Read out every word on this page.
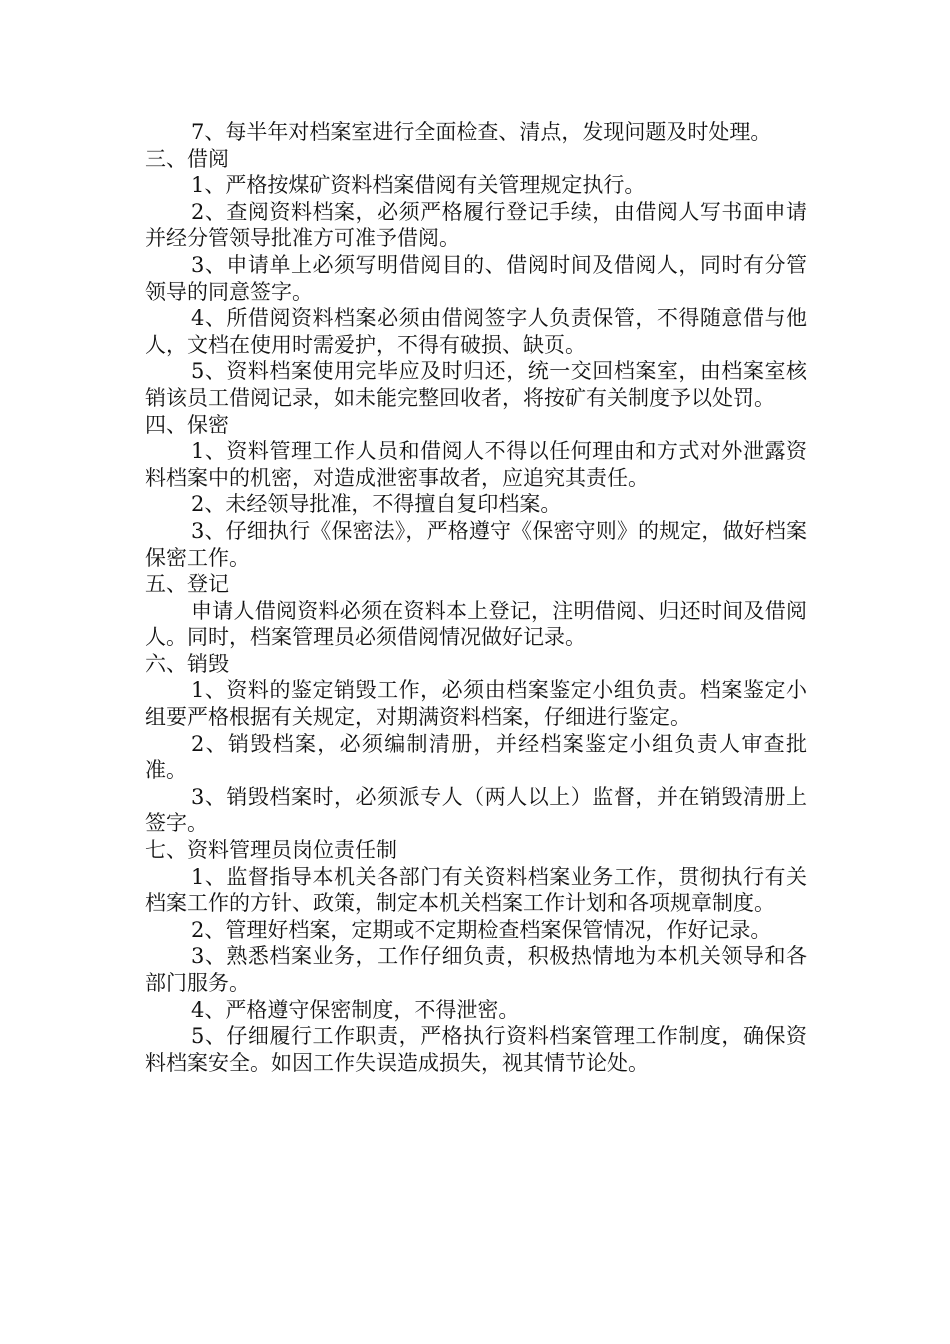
7、每半年对档案室进行全面检查、清点，发现问题及时处理。

三、借阅

1、严格按煤矿资料档案借阅有关管理规定执行。

2、查阅资料档案，必须严格履行登记手续，由借阅人写书面申请并经分管领导批准方可准予借阅。

3、申请单上必须写明借阅目的、借阅时间及借阅人，同时有分管领导的同意签字。

4、所借阅资料档案必须由借阅签字人负责保管，不得随意借与他人，文档在使用时需爱护，不得有破损、缺页。

5、资料档案使用完毕应及时归还，统一交回档案室，由档案室核销该员工借阅记录，如未能完整回收者，将按矿有关制度予以处罚。

四、保密

1、资料管理工作人员和借阅人不得以任何理由和方式对外泄露资料档案中的机密，对造成泄密事故者，应追究其责任。

2、未经领导批准，不得擅自复印档案。

3、仔细执行《保密法》，严格遵守《保密守则》的规定，做好档案保密工作。

五、登记

申请人借阅资料必须在资料本上登记，注明借阅、归还时间及借阅人。同时，档案管理员必须借阅情况做好记录。

六、销毁

1、资料的鉴定销毁工作，必须由档案鉴定小组负责。档案鉴定小组要严格根据有关规定，对期满资料档案，仔细进行鉴定。

2、销毁档案，必须编制清册，并经档案鉴定小组负责人审查批准。

3、销毁档案时，必须派专人（两人以上）监督，并在销毁清册上签字。

七、资料管理员岗位责任制

1、监督指导本机关各部门有关资料档案业务工作，贯彻执行有关档案工作的方针、政策，制定本机关档案工作计划和各项规章制度。

2、管理好档案，定期或不定期检查档案保管情况，作好记录。

3、熟悉档案业务，工作仔细负责，积极热情地为本机关领导和各部门服务。

4、严格遵守保密制度，不得泄密。

5、仔细履行工作职责，严格执行资料档案管理工作制度，确保资料档案安全。如因工作失误造成损失，视其情节论处。
